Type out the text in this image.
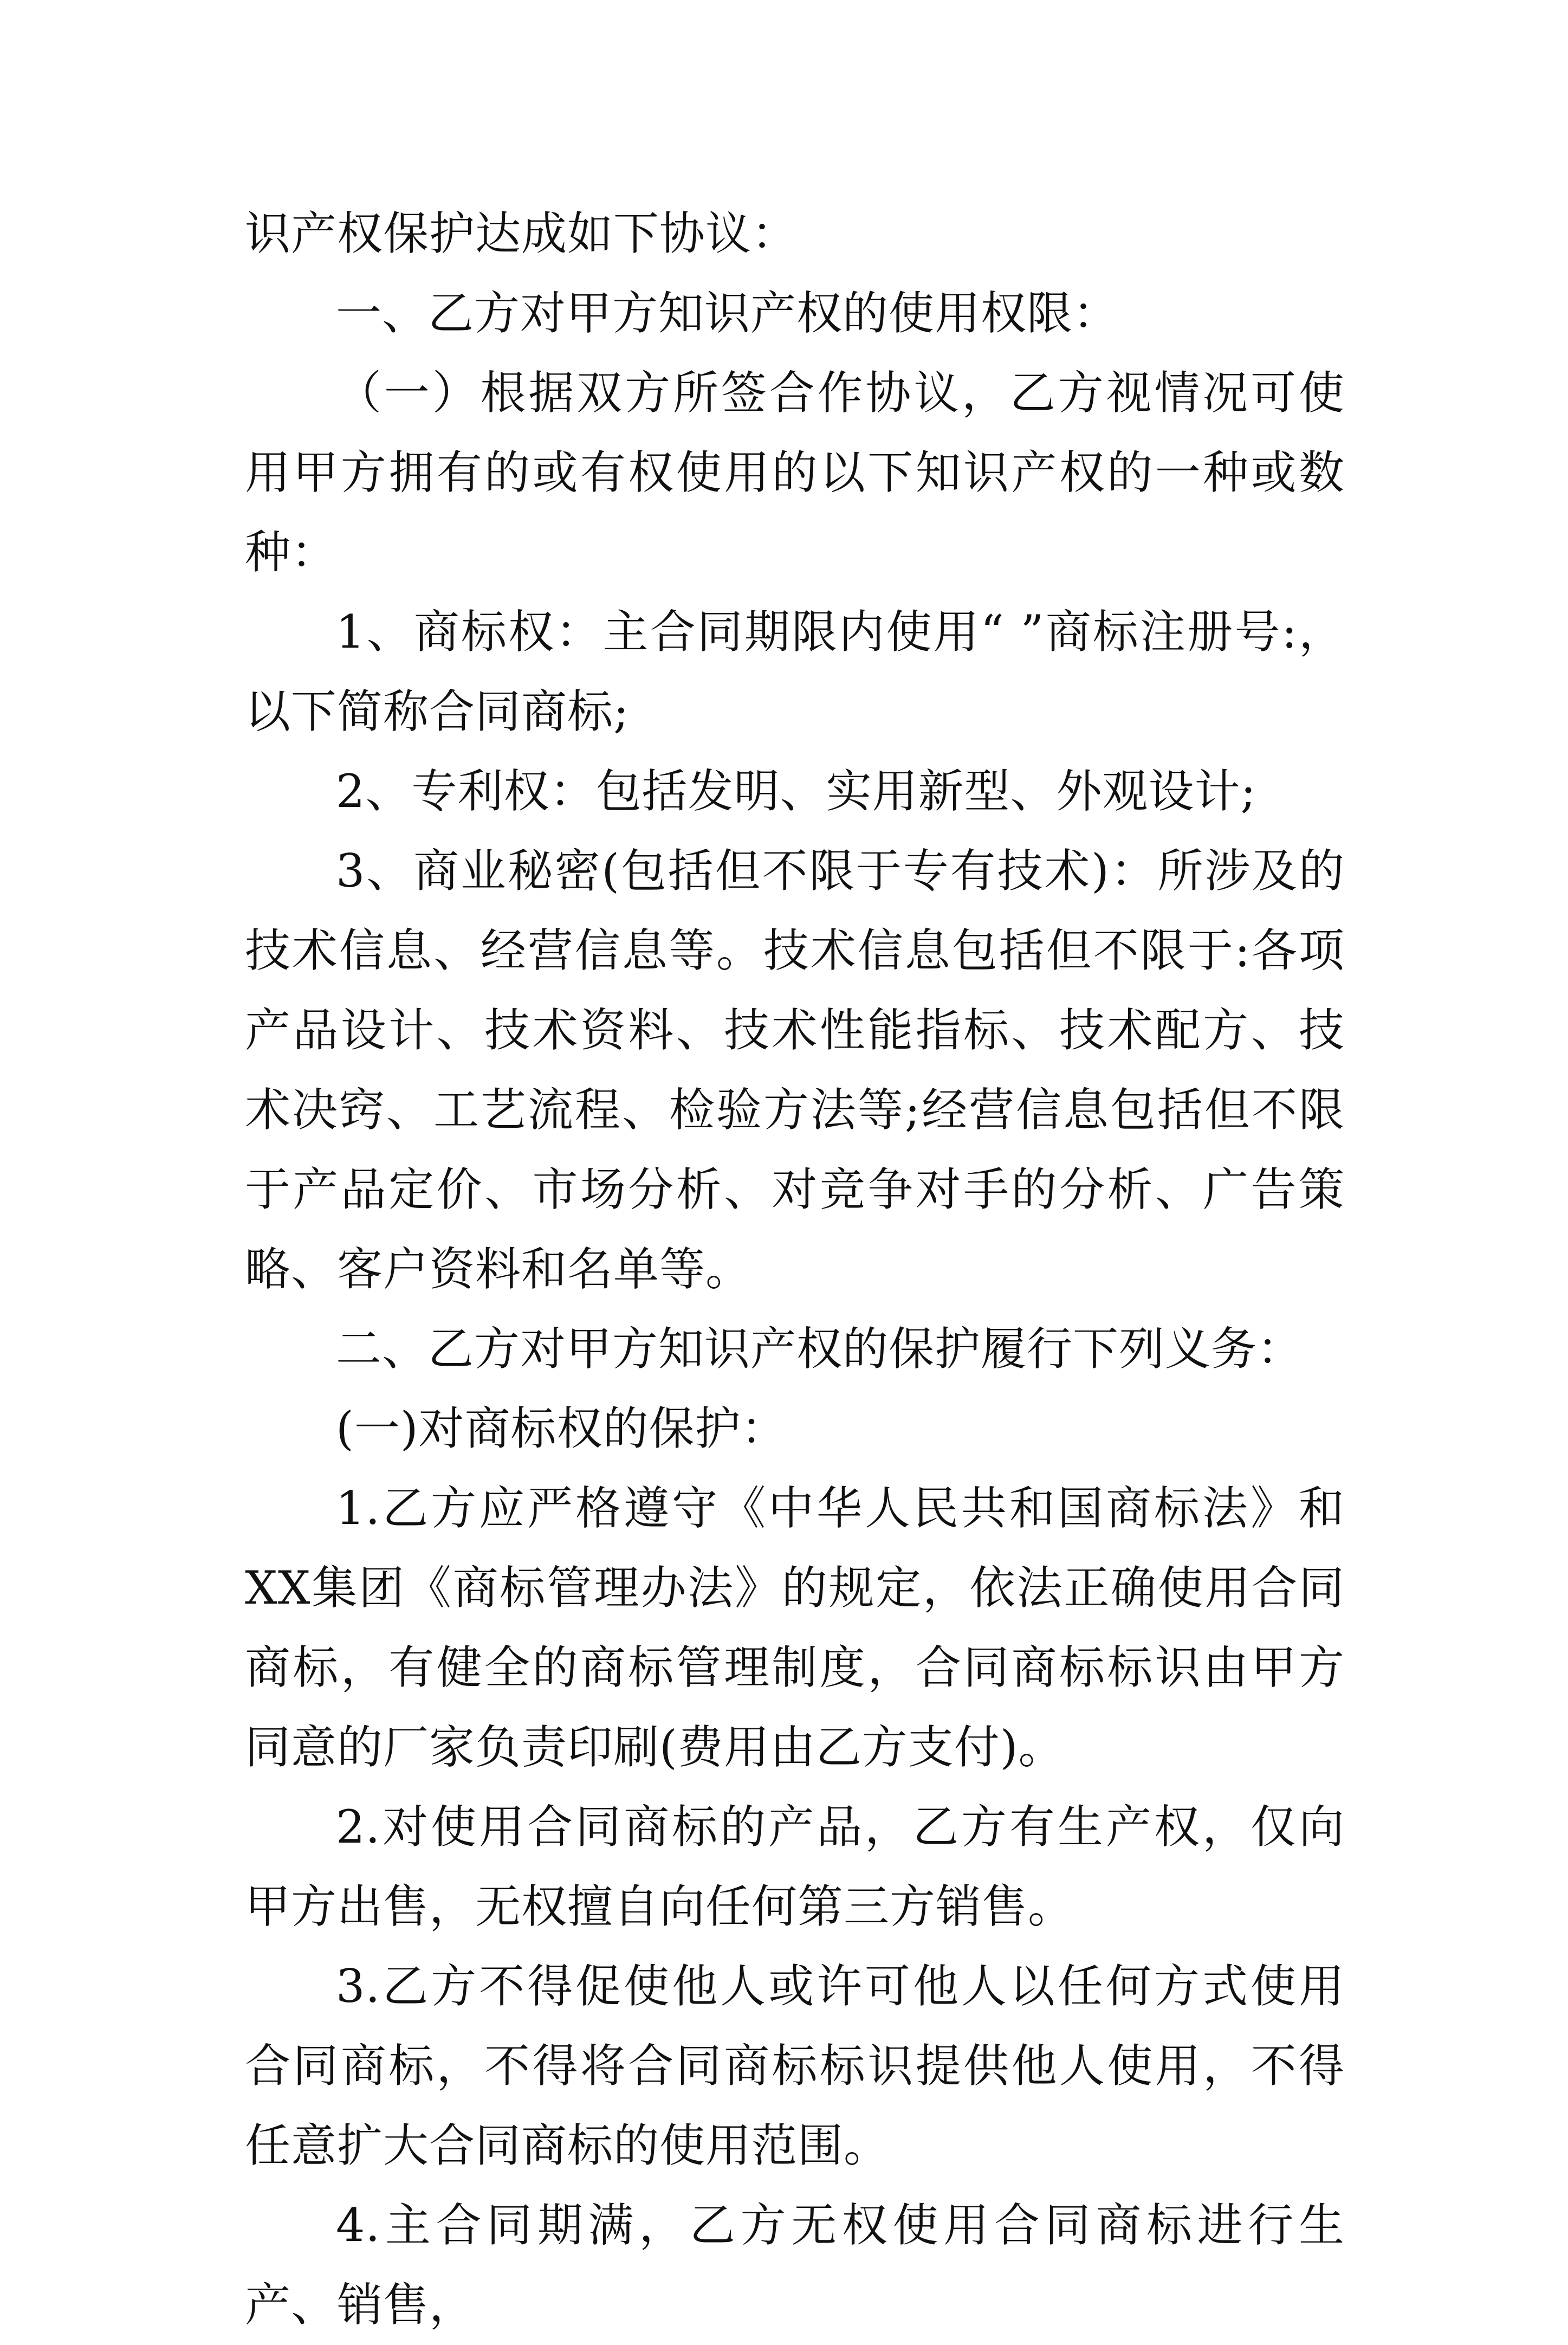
识产权保护达成如下协议：

一、乙方对甲方知识产权的使用权限：

（一）根据双方所签合作协议，乙方视情况可使用甲方拥有的或有权使用的以下知识产权的一种或数种：

1、商标权：主合同期限内使用“ ”商标注册号:，以下简称合同商标;

2、专利权：包括发明、实用新型、外观设计;

3、商业秘密(包括但不限于专有技术)：所涉及的技术信息、经营信息等。技术信息包括但不限于:各项产品设计、技术资料、技术性能指标、技术配方、技术决窍、工艺流程、检验方法等;经营信息包括但不限于产品定价、市场分析、对竞争对手的分析、广告策略、客户资料和名单等。

二、乙方对甲方知识产权的保护履行下列义务：

(一)对商标权的保护：

1.乙方应严格遵守《中华人民共和国商标法》和XX集团《商标管理办法》的规定，依法正确使用合同商标，有健全的商标管理制度，合同商标标识由甲方同意的厂家负责印刷(费用由乙方支付)。

2.对使用合同商标的产品，乙方有生产权，仅向甲方出售，无权擅自向任何第三方销售。

3.乙方不得促使他人或许可他人以任何方式使用合同商标，不得将合同商标标识提供他人使用，不得任意扩大合同商标的使用范围。

4.主合同期满，乙方无权使用合同商标进行生产、销售，
